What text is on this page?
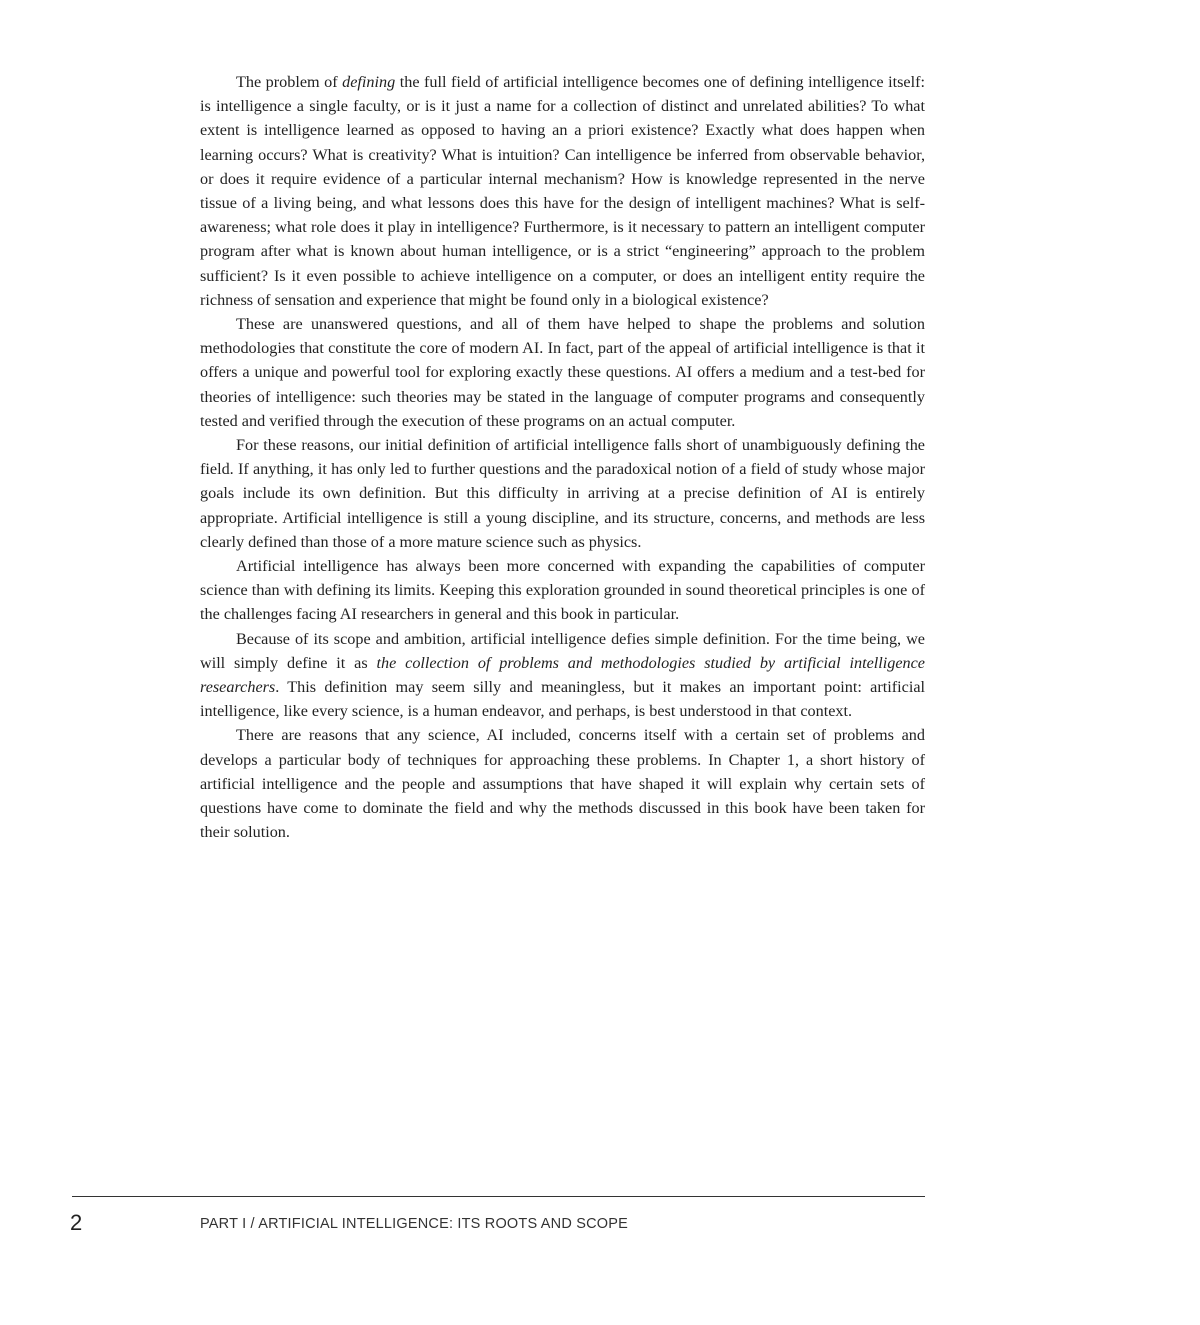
The problem of defining the full field of artificial intelligence becomes one of defining intelligence itself: is intelligence a single faculty, or is it just a name for a collection of distinct and unrelated abilities? To what extent is intelligence learned as opposed to having an a priori existence? Exactly what does happen when learning occurs? What is creativity? What is intuition? Can intelligence be inferred from observable behavior, or does it require evidence of a particular internal mechanism? How is knowledge represented in the nerve tissue of a living being, and what lessons does this have for the design of intelligent machines? What is self-awareness; what role does it play in intelligence? Furthermore, is it necessary to pattern an intelligent computer program after what is known about human intelligence, or is a strict “engineering” approach to the problem sufficient? Is it even possible to achieve intelligence on a computer, or does an intelligent entity require the richness of sensation and experience that might be found only in a biological existence?

These are unanswered questions, and all of them have helped to shape the problems and solution methodologies that constitute the core of modern AI. In fact, part of the appeal of artificial intelligence is that it offers a unique and powerful tool for exploring exactly these questions. AI offers a medium and a test-bed for theories of intelligence: such theories may be stated in the language of computer programs and consequently tested and verified through the execution of these programs on an actual computer.

For these reasons, our initial definition of artificial intelligence falls short of unambiguously defining the field. If anything, it has only led to further questions and the paradoxical notion of a field of study whose major goals include its own definition. But this difficulty in arriving at a precise definition of AI is entirely appropriate. Artificial intelligence is still a young discipline, and its structure, concerns, and methods are less clearly defined than those of a more mature science such as physics.

Artificial intelligence has always been more concerned with expanding the capabilities of computer science than with defining its limits. Keeping this exploration grounded in sound theoretical principles is one of the challenges facing AI researchers in general and this book in particular.

Because of its scope and ambition, artificial intelligence defies simple definition. For the time being, we will simply define it as the collection of problems and methodologies studied by artificial intelligence researchers. This definition may seem silly and meaningless, but it makes an important point: artificial intelligence, like every science, is a human endeavor, and perhaps, is best understood in that context.

There are reasons that any science, AI included, concerns itself with a certain set of problems and develops a particular body of techniques for approaching these problems. In Chapter 1, a short history of artificial intelligence and the people and assumptions that have shaped it will explain why certain sets of questions have come to dominate the field and why the methods discussed in this book have been taken for their solution.

2	PART I / ARTIFICIAL INTELLIGENCE: ITS ROOTS AND SCOPE
